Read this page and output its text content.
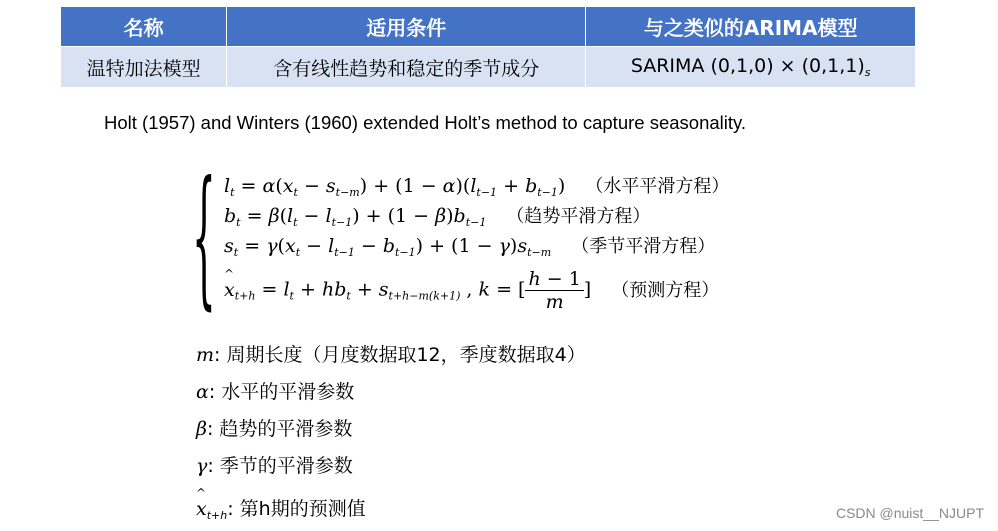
名称	适用条件	与之类似的ARIMA模型
温特加法模型	含有线性趋势和稳定的季节成分	SARIMA $(0,1,0) \times (0,1,1)_s$
Holt (1957) and Winters (1960) extended Holt’s method to capture seasonality.
{ $l_t = \alpha(x_t - s_{t-m}) + (1 - \alpha)(l_{t-1} + b_{t-1})$ （水平平滑方程）
$b_t = \beta(l_t - l_{t-1}) + (1 - \beta)b_{t-1}$ （趋势平滑方程）
$s_t = \gamma(x_t - l_{t-1} - b_{t-1}) + (1 - \gamma)s_{t-m}$ （季节平滑方程）
^ $x_{t+h} = l_t + hb_t + s_{t+h-m(k+1)}$ , k = [ $\frac{h - 1}{m}$ ] （预测方程）
m: 周期长度（月度数据取12，季度数据取4）
α: 水平的平滑参数
β: 趋势的平滑参数
γ: 季节的平滑参数
^ $x_{t+h}$: 第h期的预测值	CSDN @nuist__NJUPT
